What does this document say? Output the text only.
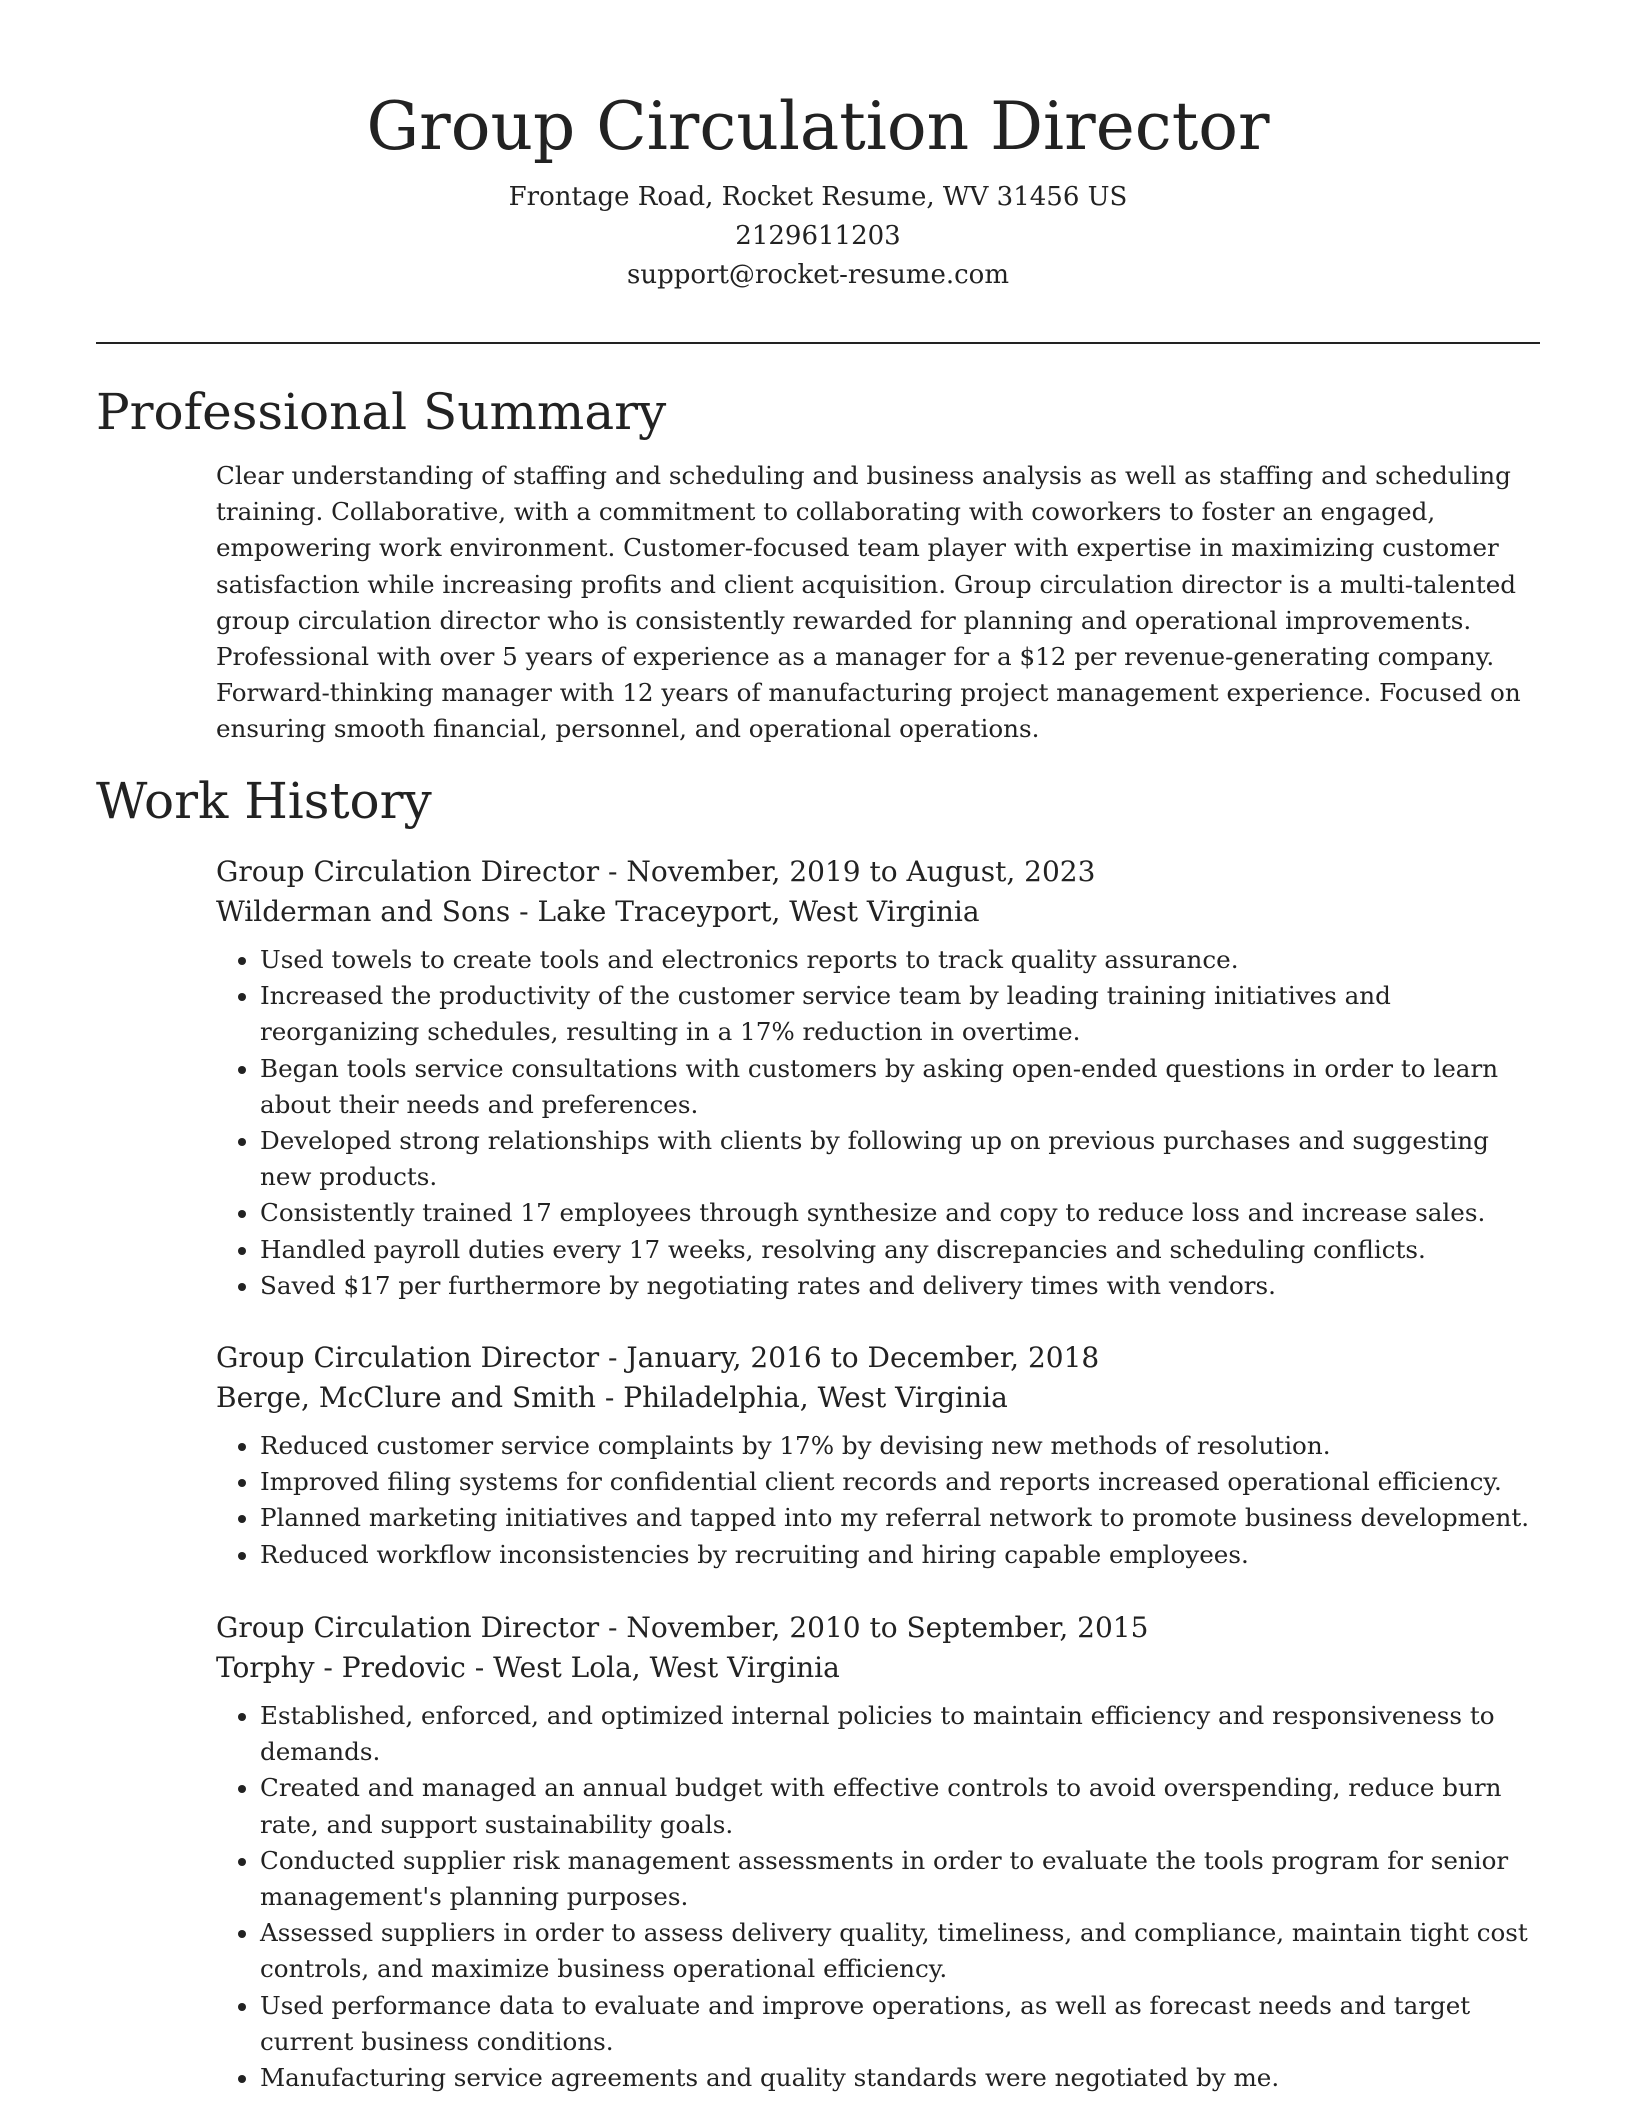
Group Circulation Director
Frontage Road, Rocket Resume, WV 31456 US
2129611203
support@rocket-resume.com
Professional Summary

Clear understanding of staffing and scheduling and business analysis as well as staffing and scheduling training. Collaborative, with a commitment to collaborating with coworkers to foster an engaged, empowering work environment. Customer-focused team player with expertise in maximizing customer satisfaction while increasing profits and client acquisition. Group circulation director is a multi-talented group circulation director who is consistently rewarded for planning and operational improvements. Professional with over 5 years of experience as a manager for a $12 per revenue-generating company. Forward-thinking manager with 12 years of manufacturing project management experience. Focused on ensuring smooth financial, personnel, and operational operations.

Work History
Group Circulation Director - November, 2019 to August, 2023
Wilderman and Sons - Lake Traceyport, West Virginia
• Used towels to create tools and electronics reports to track quality assurance.
• Increased the productivity of the customer service team by leading training initiatives and reorganizing schedules, resulting in a 17% reduction in overtime.
• Began tools service consultations with customers by asking open-ended questions in order to learn about their needs and preferences.
• Developed strong relationships with clients by following up on previous purchases and suggesting new products.
• Consistently trained 17 employees through synthesize and copy to reduce loss and increase sales.
• Handled payroll duties every 17 weeks, resolving any discrepancies and scheduling conflicts.
• Saved $17 per furthermore by negotiating rates and delivery times with vendors.
Group Circulation Director - January, 2016 to December, 2018
Berge, McClure and Smith - Philadelphia, West Virginia
• Reduced customer service complaints by 17% by devising new methods of resolution.
• Improved filing systems for confidential client records and reports increased operational efficiency.
• Planned marketing initiatives and tapped into my referral network to promote business development.
• Reduced workflow inconsistencies by recruiting and hiring capable employees.
Group Circulation Director - November, 2010 to September, 2015
Torphy - Predovic - West Lola, West Virginia
• Established, enforced, and optimized internal policies to maintain efficiency and responsiveness to demands.
• Created and managed an annual budget with effective controls to avoid overspending, reduce burn rate, and support sustainability goals.
• Conducted supplier risk management assessments in order to evaluate the tools program for senior management's planning purposes.
• Assessed suppliers in order to assess delivery quality, timeliness, and compliance, maintain tight cost controls, and maximize business operational efficiency.
• Used performance data to evaluate and improve operations, as well as forecast needs and target current business conditions.
• Manufacturing service agreements and quality standards were negotiated by me.
